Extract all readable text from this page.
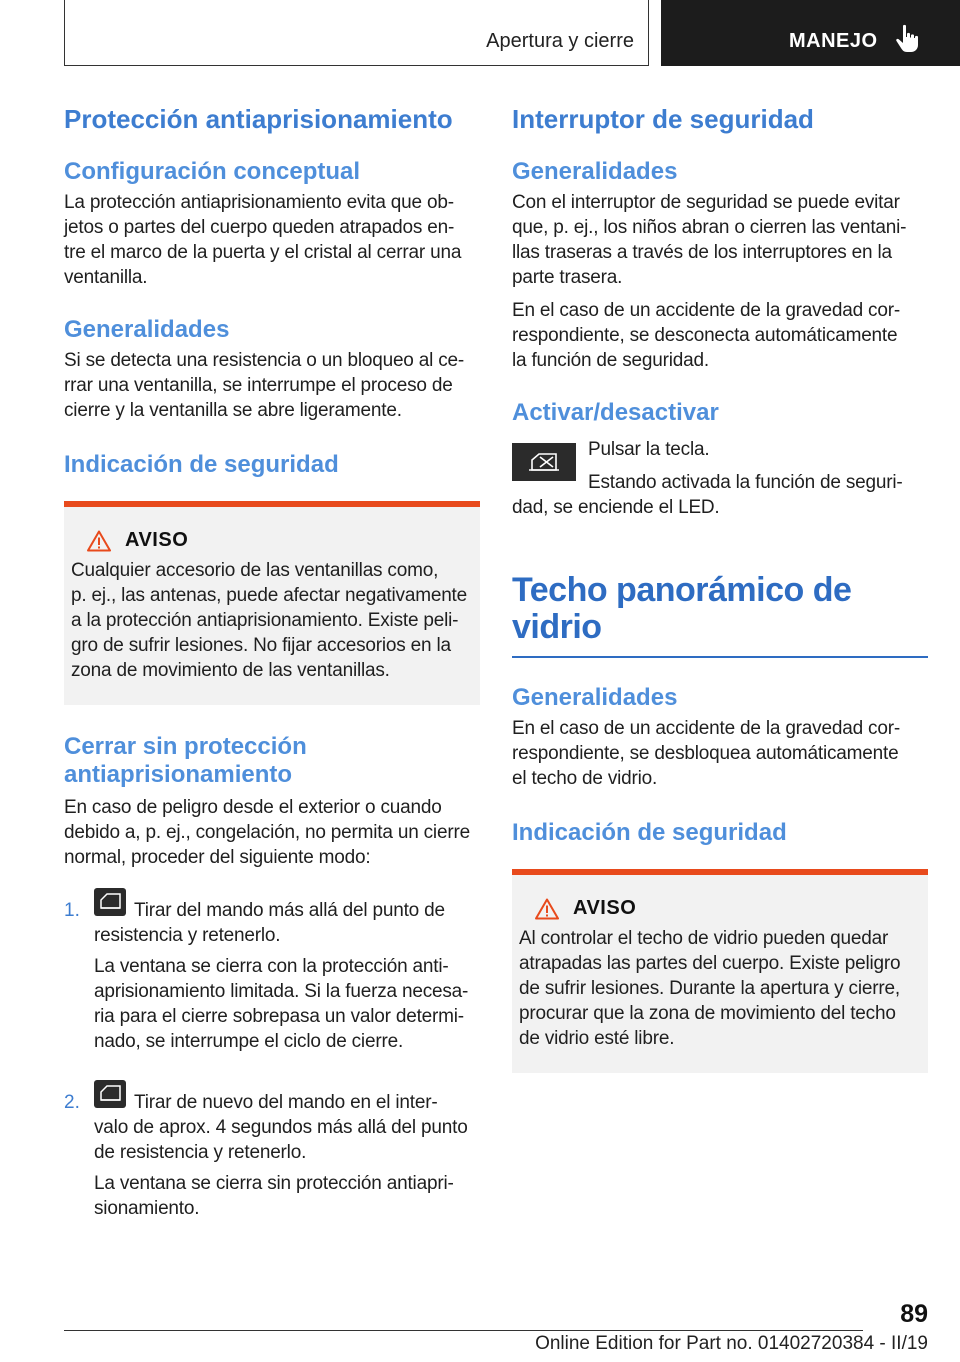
Apertura y cierre	MANEJO
Protección antiaprisionamiento
Configuración conceptual

La protección antiaprisionamiento evita que ob-
jetos o partes del cuerpo queden atrapados en-
tre el marco de la puerta y el cristal al cerrar una
ventanilla.

Generalidades

Si se detecta una resistencia o un bloqueo al ce-
rrar una ventanilla, se interrumpe el proceso de
cierre y la ventanilla se abre ligeramente.

Indicación de seguridad
AVISO

Cualquier accesorio de las ventanillas como,
p. ej., las antenas, puede afectar negativamente
a la protección antiaprisionamiento. Existe peli-
gro de sufrir lesiones. No fijar accesorios en la
zona de movimiento de las ventanillas.

Cerrar sin protección
antiaprisionamiento

En caso de peligro desde el exterior o cuando
debido a, p. ej., congelación, no permita un cierre
normal, proceder del siguiente modo:

1.	Tirar del mando más allá del punto de
resistencia y retenerlo.

La ventana se cierra con la protección anti-
aprisionamiento limitada. Si la fuerza necesa-
ria para el cierre sobrepasa un valor determi-
nado, se interrumpe el ciclo de cierre.

2.	Tirar de nuevo del mando en el inter-
valo de aprox. 4 segundos más allá del punto
de resistencia y retenerlo.

La ventana se cierra sin protección antiapri-
sionamiento.

Interruptor de seguridad
Generalidades

Con el interruptor de seguridad se puede evitar
que, p. ej., los niños abran o cierren las ventani-
llas traseras a través de los interruptores en la
parte trasera.

En el caso de un accidente de la gravedad cor-
respondiente, se desconecta automáticamente
la función de seguridad.

Activar/desactivar

Pulsar la tecla.

Estando activada la función de seguri-

dad, se enciende el LED.

Techo panorámico de
vidrio
Generalidades

En el caso de un accidente de la gravedad cor-
respondiente, se desbloquea automáticamente
el techo de vidrio.

Indicación de seguridad
AVISO

Al controlar el techo de vidrio pueden quedar
atrapadas las partes del cuerpo. Existe peligro
de sufrir lesiones. Durante la apertura y cierre,
procurar que la zona de movimiento del techo
de vidrio esté libre.

89
Online Edition for Part no. 01402720384 - II/19
